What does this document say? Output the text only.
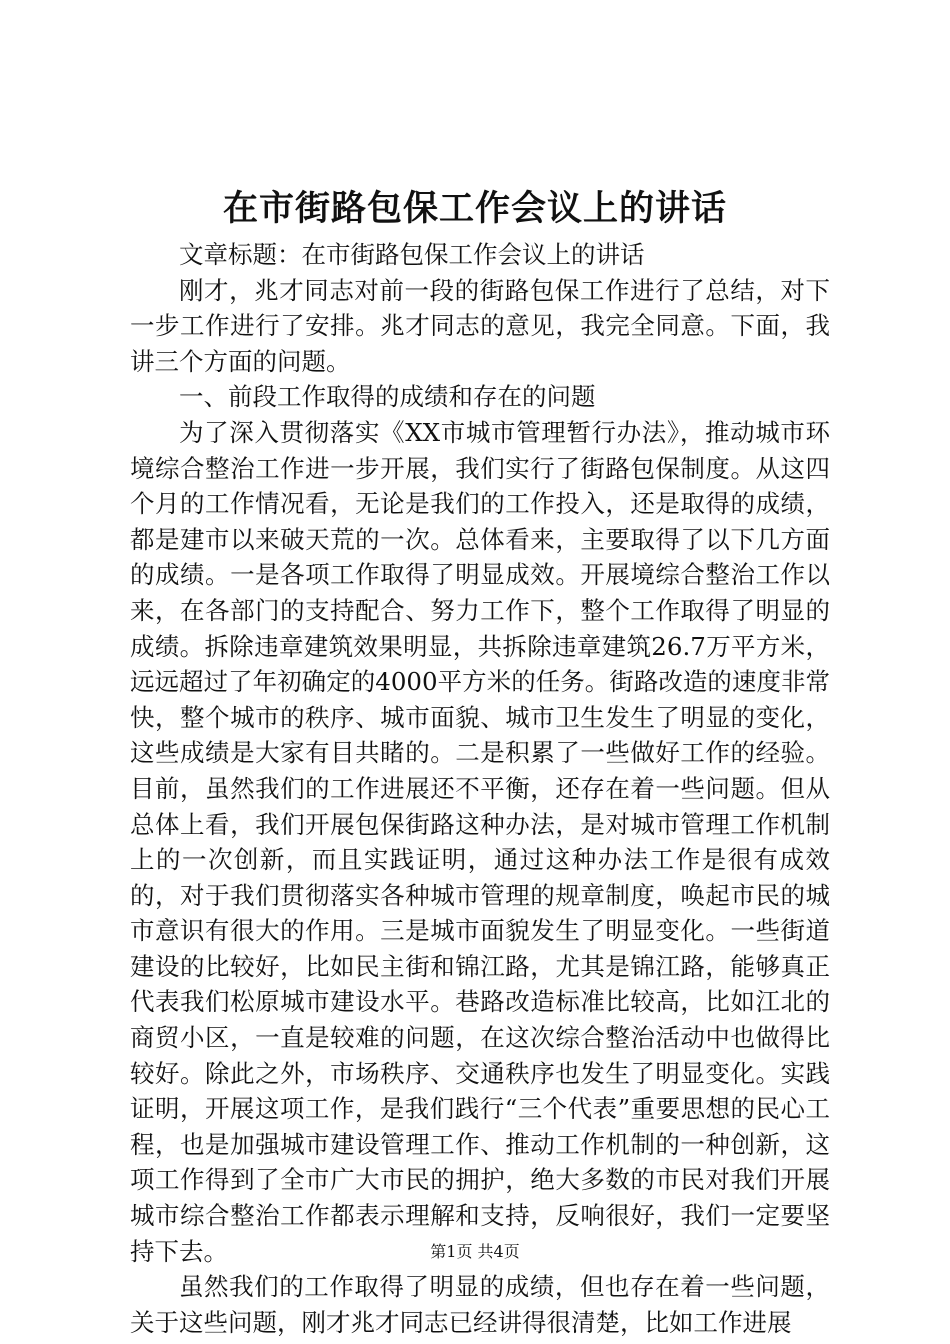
在市街路包保工作会议上的讲话

文章标题：在市街路包保工作会议上的讲话

刚才，兆才同志对前一段的街路包保工作进行了总结，对下一步工作进行了安排。兆才同志的意见，我完全同意。下面，我讲三个方面的问题。

一、前段工作取得的成绩和存在的问题

为了深入贯彻落实《XX市城市管理暂行办法》，推动城市环境综合整治工作进一步开展，我们实行了街路包保制度。从这四个月的工作情况看，无论是我们的工作投入，还是取得的成绩，都是建市以来破天荒的一次。总体看来，主要取得了以下几方面的成绩。一是各项工作取得了明显成效。开展境综合整治工作以来，在各部门的支持配合、努力工作下，整个工作取得了明显的成绩。拆除违章建筑效果明显，共拆除违章建筑26.7万平方米，远远超过了年初确定的4000平方米的任务。街路改造的速度非常快，整个城市的秩序、城市面貌、城市卫生发生了明显的变化，这些成绩是大家有目共睹的。二是积累了一些做好工作的经验。目前，虽然我们的工作进展还不平衡，还存在着一些问题。但从总体上看，我们开展包保街路这种办法，是对城市管理工作机制上的一次创新，而且实践证明，通过这种办法工作是很有成效的，对于我们贯彻落实各种城市管理的规章制度，唤起市民的城市意识有很大的作用。三是城市面貌发生了明显变化。一些街道建设的比较好，比如民主街和锦江路，尤其是锦江路，能够真正代表我们松原城市建设水平。巷路改造标准比较高，比如江北的商贸小区，一直是较难的问题，在这次综合整治活动中也做得比较好。除此之外，市场秩序、交通秩序也发生了明显变化。实践证明，开展这项工作，是我们践行“三个代表”重要思想的民心工程，也是加强城市建设管理工作、推动工作机制的一种创新，这项工作得到了全市广大市民的拥护，绝大多数的市民对我们开展城市综合整治工作都表示理解和支持，反响很好，我们一定要坚持下去。

虽然我们的工作取得了明显的成绩，但也存在着一些问题，关于这些问题，刚才兆才同志已经讲得很清楚，比如工作进展

第1页 共4页
